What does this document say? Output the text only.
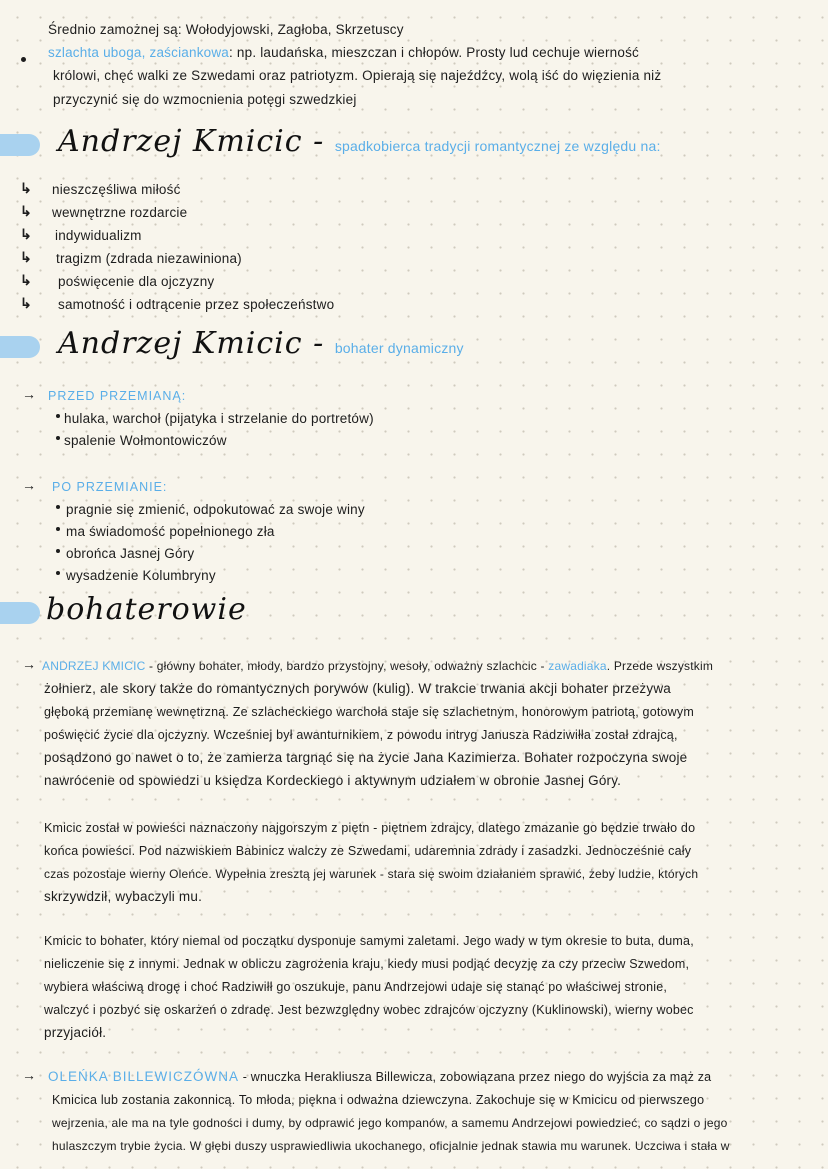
Średnio zamożnej są: Wołodyjowski, Zagłoba, Skrzetuscy
szlachta uboga, zaściankowa: np. laudańska, mieszczan i chłopów. Prosty lud cechuje wierność
królowi, chęć walki ze Szwedami oraz patriotyzm. Opierają się najeźdźcy, wolą iść do więzienia niż
przyczynić się do wzmocnienia potęgi szwedzkiej
Andrzej Kmicic - spadkobierca tradycji romantycznej ze względu na:
↳ nieszczęśliwa miłość
↳ wewnętrzne rozdarcie
↳ indywidualizm
↳ tragizm (zdrada niezawiniona)
↳ poświęcenie dla ojczyzny
↳ samotność i odtrącenie przez społeczeństwo
Andrzej Kmicic - bohater dynamiczny
→ PRZED PRZEMIANĄ:
hulaka, warchoł (pijatyka i strzelanie do portretów)
spalenie Wołmontowiczów
→ PO PRZEMIANIE:
pragnie się zmienić, odpokutować za swoje winy
ma świadomość popełnionego zła
obrońca Jasnej Góry
wysadzenie Kolumbryny
bohaterowie
→ ANDRZEJ KMICIC - główny bohater, młody, bardzo przystojny, wesoły, odważny szlachcic - zawadiaka. Przede wszystkim
żołnierz, ale skory także do romantycznych porywów (kulig). W trakcie trwania akcji bohater przeżywa
głęboką przemianę wewnętrzną. Ze szlacheckiego warchoła staje się szlachetnym, honorowym patriotą, gotowym
poświęcić życie dla ojczyzny. Wcześniej był awanturnikiem, z powodu intryg Janusza Radziwiłła został zdrajcą,
posądzono go nawet o to, że zamierza targnąć się na życie Jana Kazimierza. Bohater rozpoczyna swoje
nawrócenie od spowiedzi u księdza Kordeckiego i aktywnym udziałem w obronie Jasnej Góry.
Kmicic został w powieści naznaczony najgorszym z piętn - piętnem zdrajcy, dlatego zmazanie go będzie trwało do
końca powieści. Pod nazwiskiem Babinicz walczy ze Szwedami, udaremnia zdrady i zasadzki. Jednocześnie cały
czas pozostaje wierny Oleńce. Wypełnia zresztą jej warunek - stara się swoim działaniem sprawić, żeby ludzie, których
skrzywdził, wybaczyli mu.
Kmicic to bohater, który niemal od początku dysponuje samymi zaletami. Jego wady w tym okresie to buta, duma,
nieliczenie się z innymi. Jednak w obliczu zagrożenia kraju, kiedy musi podjąć decyzję za czy przeciw Szwedom,
wybiera właściwą drogę i choć Radziwiłł go oszukuje, panu Andrzejowi udaje się stanąć po właściwej stronie,
walczyć i pozbyć się oskarżeń o zdradę. Jest bezwzględny wobec zdrajców ojczyzny (Kuklinowski), wierny wobec
przyjaciół.
→ OLEŃKA BILLEWICZÓWNA - wnuczka Herakliusza Billewicza, zobowiązana przez niego do wyjścia za mąż za
Kmicica lub zostania zakonnicą. To młoda, piękna i odważna dziewczyna. Zakochuje się w Kmicicu od pierwszego
wejrzenia, ale ma na tyle godności i dumy, by odprawić jego kompanów, a samemu Andrzejowi powiedzieć, co sądzi o jego
hulaszczym trybie życia. W głębi duszy usprawiedliwia ukochanego, oficjalnie jednak stawia mu warunek. Uczciwa i stała w
